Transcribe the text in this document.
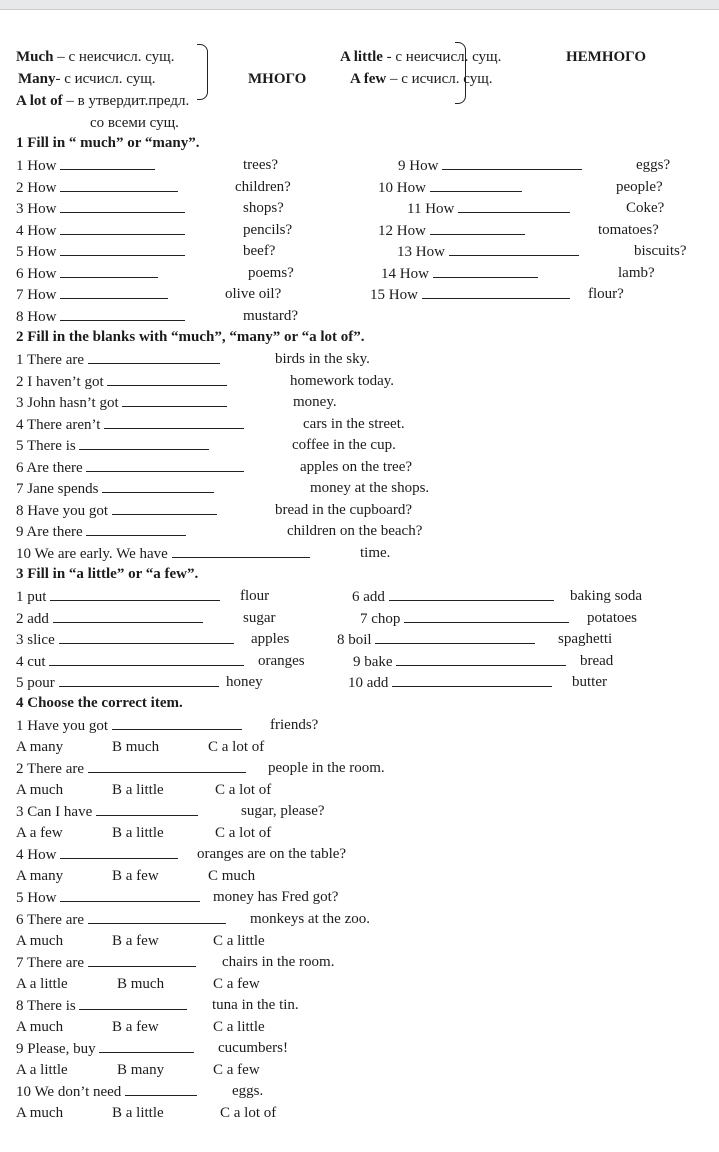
Much – с неисчисл. сущ.
Many- с исчисл. сущ.
A lot of – в утвердит.предл.
со всеми сущ.
МНОГО
A little - с неисчисл. сущ.
A few – с исчисл. сущ.
НЕМНОГО
1 Fill in “ much” or “many”.
1 How	trees?
2 How	children?
3 How	shops?
4 How	pencils?
5 How	beef?
6 How	poems?
7 How	olive oil?
8 How	mustard?
9 How	eggs?
10 How	people?
11 How	Coke?
12 How	tomatoes?
13 How	biscuits?
14 How	lamb?
15 How	flour?
2 Fill in the blanks with “much”, “many” or “a lot of”.
1 There are	birds in the sky.
2 I haven’t got	homework today.
3 John hasn’t got	money.
4 There aren’t	cars in the street.
5 There is	coffee in the cup.
6 Are there	apples on the tree?
7 Jane spends	money at the shops.
8 Have you got	bread in the cupboard?
9 Are there	children on the beach?
10 We are early. We have	time.
3 Fill in “a little” or “a few”.
1 put	flour
2 add	sugar
3 slice	apples
4 cut	oranges
5 pour	honey
6 add	baking soda
7 chop	potatoes
8 boil	spaghetti
9 bake	bread
10 add	butter
4 Choose the correct item.
1 Have you got	friends?
A many	B much	C a lot of
2 There are	people in the room.
A much	B a little	C a lot of
3 Can I have	sugar, please?
A a few	B a little	C a lot of
4 How	oranges are on the table?
A many	B a few	C much
5 How	money has Fred got?
6 There are	monkeys at the zoo.
A much	B a few	C a little
7 There are	chairs in the room.
A a little	B much	C a few
8 There is	tuna in the tin.
A much	B a few	C a little
9 Please, buy	cucumbers!
A a little	B many	C a few
10 We don’t need	eggs.
A much	B a little	C a lot of
